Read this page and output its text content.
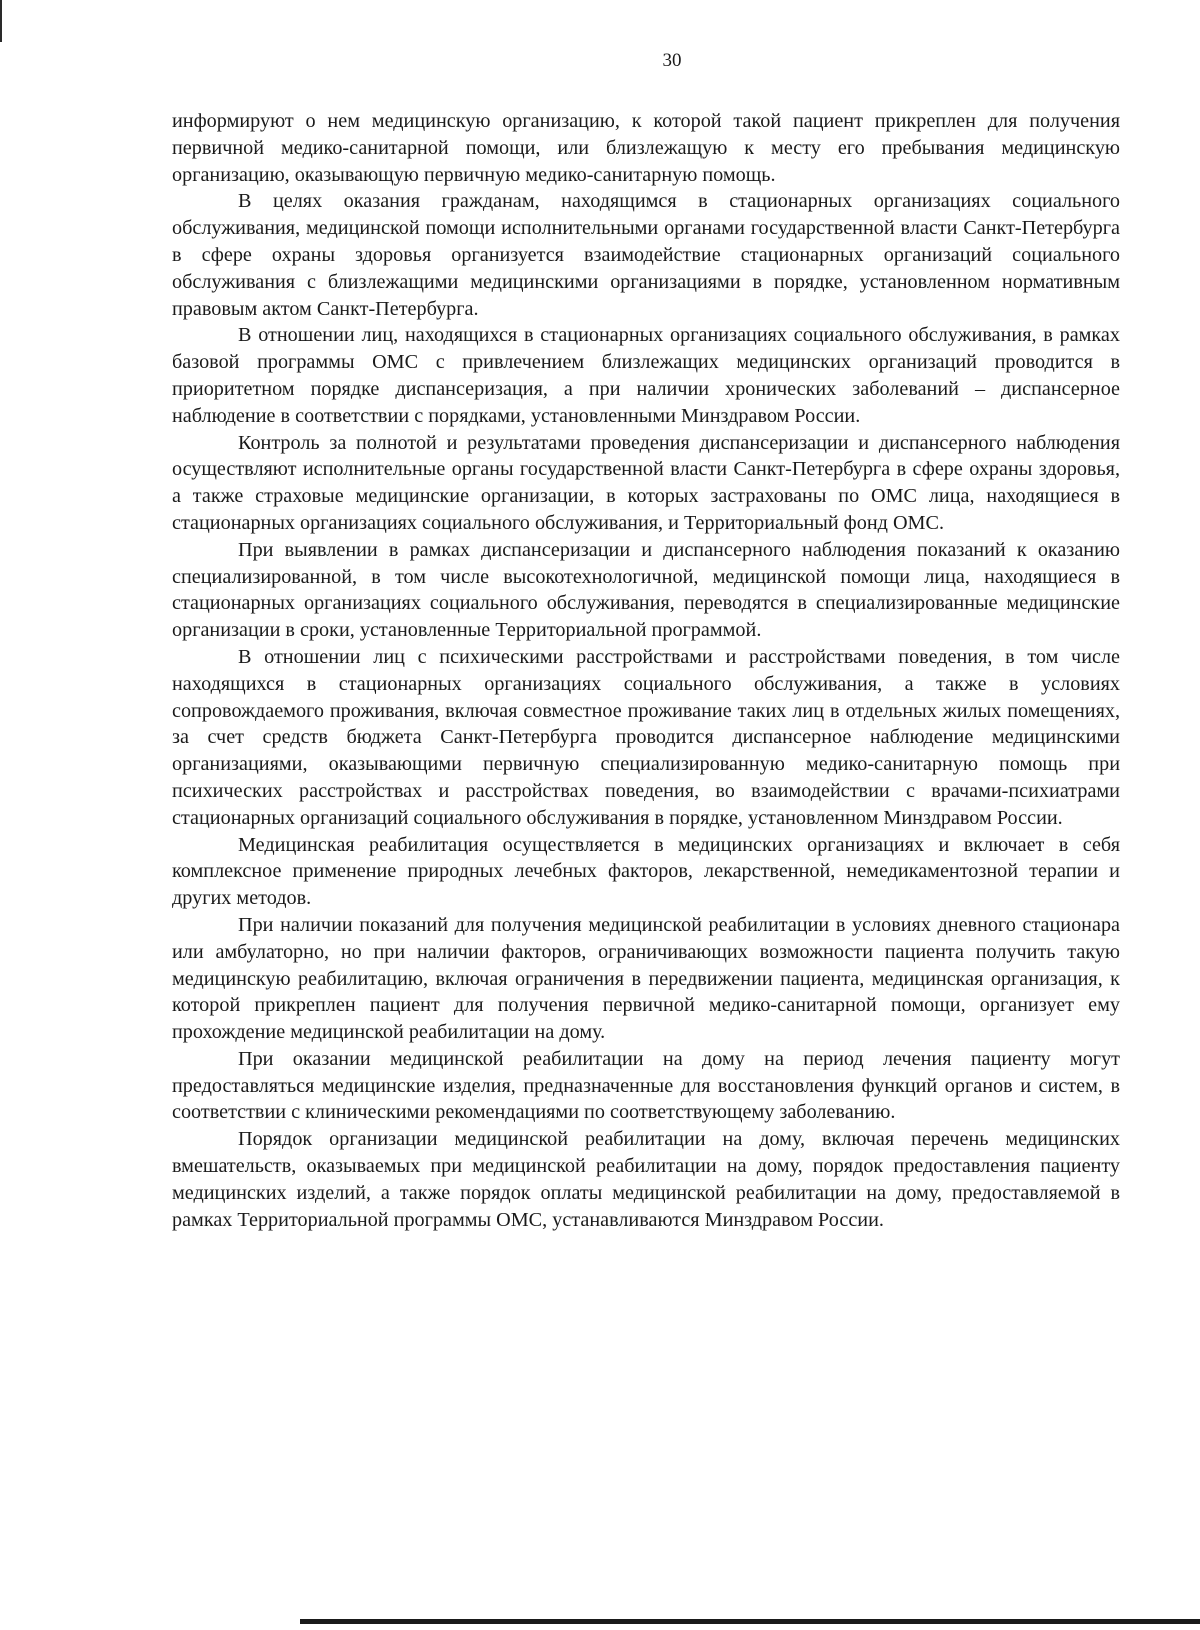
30

информируют о нем медицинскую организацию, к которой такой пациент прикреплен для получения первичной медико-санитарной помощи, или близлежащую к месту его пребывания медицинскую организацию, оказывающую первичную медико-санитарную помощь.

В целях оказания гражданам, находящимся в стационарных организациях социального обслуживания, медицинской помощи исполнительными органами государственной власти Санкт-Петербурга в сфере охраны здоровья организуется взаимодействие стационарных организаций социального обслуживания с близлежащими медицинскими организациями в порядке, установленном нормативным правовым актом Санкт-Петербурга.

В отношении лиц, находящихся в стационарных организациях социального обслуживания, в рамках базовой программы ОМС с привлечением близлежащих медицинских организаций проводится в приоритетном порядке диспансеризация, а при наличии хронических заболеваний – диспансерное наблюдение в соответствии с порядками, установленными Минздравом России.

Контроль за полнотой и результатами проведения диспансеризации и диспансерного наблюдения осуществляют исполнительные органы государственной власти Санкт-Петербурга в сфере охраны здоровья, а также страховые медицинские организации, в которых застрахованы по ОМС лица, находящиеся в стационарных организациях социального обслуживания, и Территориальный фонд ОМС.

При выявлении в рамках диспансеризации и диспансерного наблюдения показаний к оказанию специализированной, в том числе высокотехнологичной, медицинской помощи лица, находящиеся в стационарных организациях социального обслуживания, переводятся в специализированные медицинские организации в сроки, установленные Территориальной программой.

В отношении лиц с психическими расстройствами и расстройствами поведения, в том числе находящихся в стационарных организациях социального обслуживания, а также в условиях сопровождаемого проживания, включая совместное проживание таких лиц в отдельных жилых помещениях, за счет средств бюджета Санкт-Петербурга проводится диспансерное наблюдение медицинскими организациями, оказывающими первичную специализированную медико-санитарную помощь при психических расстройствах и расстройствах поведения, во взаимодействии с врачами-психиатрами стационарных организаций социального обслуживания в порядке, установленном Минздравом России.

Медицинская реабилитация осуществляется в медицинских организациях и включает в себя комплексное применение природных лечебных факторов, лекарственной, немедикаментозной терапии и других методов.

При наличии показаний для получения медицинской реабилитации в условиях дневного стационара или амбулаторно, но при наличии факторов, ограничивающих возможности пациента получить такую медицинскую реабилитацию, включая ограничения в передвижении пациента, медицинская организация, к которой прикреплен пациент для получения первичной медико-санитарной помощи, организует ему прохождение медицинской реабилитации на дому.

При оказании медицинской реабилитации на дому на период лечения пациенту могут предоставляться медицинские изделия, предназначенные для восстановления функций органов и систем, в соответствии с клиническими рекомендациями по соответствующему заболеванию.

Порядок организации медицинской реабилитации на дому, включая перечень медицинских вмешательств, оказываемых при медицинской реабилитации на дому, порядок предоставления пациенту медицинских изделий, а также порядок оплаты медицинской реабилитации на дому, предоставляемой в рамках Территориальной программы ОМС, устанавливаются Минздравом России.
